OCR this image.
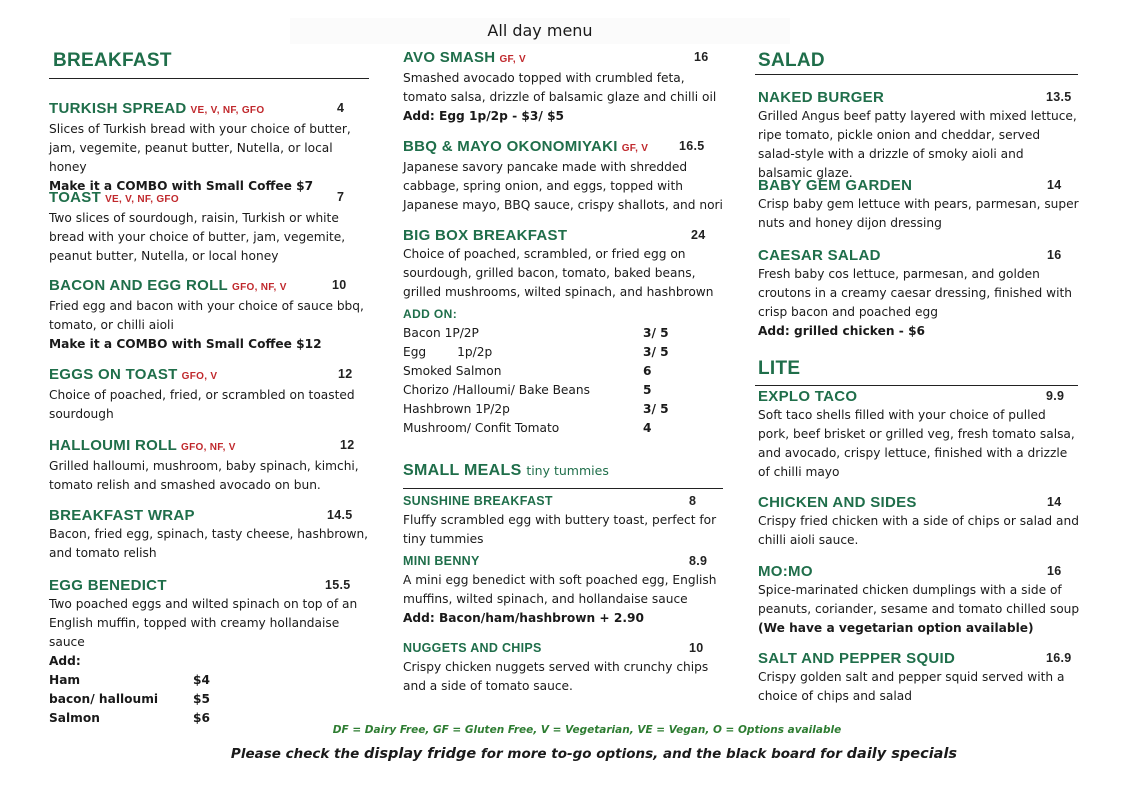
All day menu
BREAKFAST
TURKISH SPREAD VE, V, NF, GFO	4

Slices of Turkish bread with your choice of butter, jam, vegemite, peanut butter, Nutella, or local honey

Make it a COMBO with Small Coffee $7
TOAST VE, V, NF, GFO	7

Two slices of sourdough, raisin, Turkish or white bread with your choice of butter, jam, vegemite, peanut butter, Nutella, or local honey

BACON AND EGG ROLL GFO, NF, V	10

Fried egg and bacon with your choice of sauce bbq, tomato, or chilli aioli

Make it a COMBO with Small Coffee $12
EGGS ON TOAST GFO, V	12

Choice of poached, fried, or scrambled on toasted sourdough

HALLOUMI ROLL GFO, NF, V	12

Grilled halloumi, mushroom, baby spinach, kimchi, tomato relish and smashed avocado on bun.

BREAKFAST WRAP	14.5

Bacon, fried egg, spinach, tasty cheese, hashbrown, and tomato relish

EGG BENEDICT	15.5

Two poached eggs and wilted spinach on top of an English muffin, topped with creamy hollandaise sauce

Add:
Ham	$4
bacon/ halloumi	$5
Salmon	$6
AVO SMASH GF, V	16

Smashed avocado topped with crumbled feta, tomato salsa, drizzle of balsamic glaze and chilli oil

Add: Egg 1p/2p - $3/ $5
BBQ & MAYO OKONOMIYAKI GF, V 16.5

Japanese savory pancake made with shredded cabbage, spring onion, and eggs, topped with Japanese mayo, BBQ sauce, crispy shallots, and nori

BIG BOX BREAKFAST	24

Choice of poached, scrambled, or fried egg on sourdough, grilled bacon, tomato, baked beans, grilled mushrooms, wilted spinach, and hashbrown

ADD ON:
Bacon 1P/2P	3/ 5
Egg        1p/2p	3/ 5
Smoked Salmon	6
Chorizo /Halloumi/ Bake Beans	5
Hashbrown 1P/2p	3/ 5
Mushroom/ Confit Tomato	4
SMALL MEALS tiny tummies
SUNSHINE BREAKFAST	8

Fluffy scrambled egg with buttery toast, perfect for tiny tummies

MINI BENNY	8.9

A mini egg benedict with soft poached egg, English muffins, wilted spinach, and hollandaise sauce

Add: Bacon/ham/hashbrown + 2.90
NUGGETS AND CHIPS	10

Crispy chicken nuggets served with crunchy chips and a side of tomato sauce.

SALAD
NAKED BURGER	13.5

Grilled Angus beef patty layered with mixed lettuce, ripe tomato, pickle onion and cheddar, served salad-style with a drizzle of smoky aioli and balsamic glaze.

BABY GEM GARDEN	14

Crisp baby gem lettuce with pears, parmesan, super nuts and honey dijon dressing

CAESAR SALAD	16

Fresh baby cos lettuce, parmesan, and golden croutons in a creamy caesar dressing, finished with crisp bacon and poached egg

Add: grilled chicken - $6
LITE
EXPLO TACO	9.9

Soft taco shells filled with your choice of pulled pork, beef brisket or grilled veg, fresh tomato salsa, and avocado, crispy lettuce, finished with a drizzle of chilli mayo

CHICKEN AND SIDES	14

Crispy fried chicken with a side of chips or salad and chilli aioli sauce.

MO:MO	16

Spice-marinated chicken dumplings with a side of peanuts, coriander, sesame and tomato chilled soup

(We have a vegetarian option available)
SALT AND PEPPER SQUID	16.9

Crispy golden salt and pepper squid served with a choice of chips and salad

DF = Dairy Free, GF = Gluten Free, V = Vegetarian, VE = Vegan, O = Options available
Please check the display fridge for more to-go options, and the black board for daily specials
